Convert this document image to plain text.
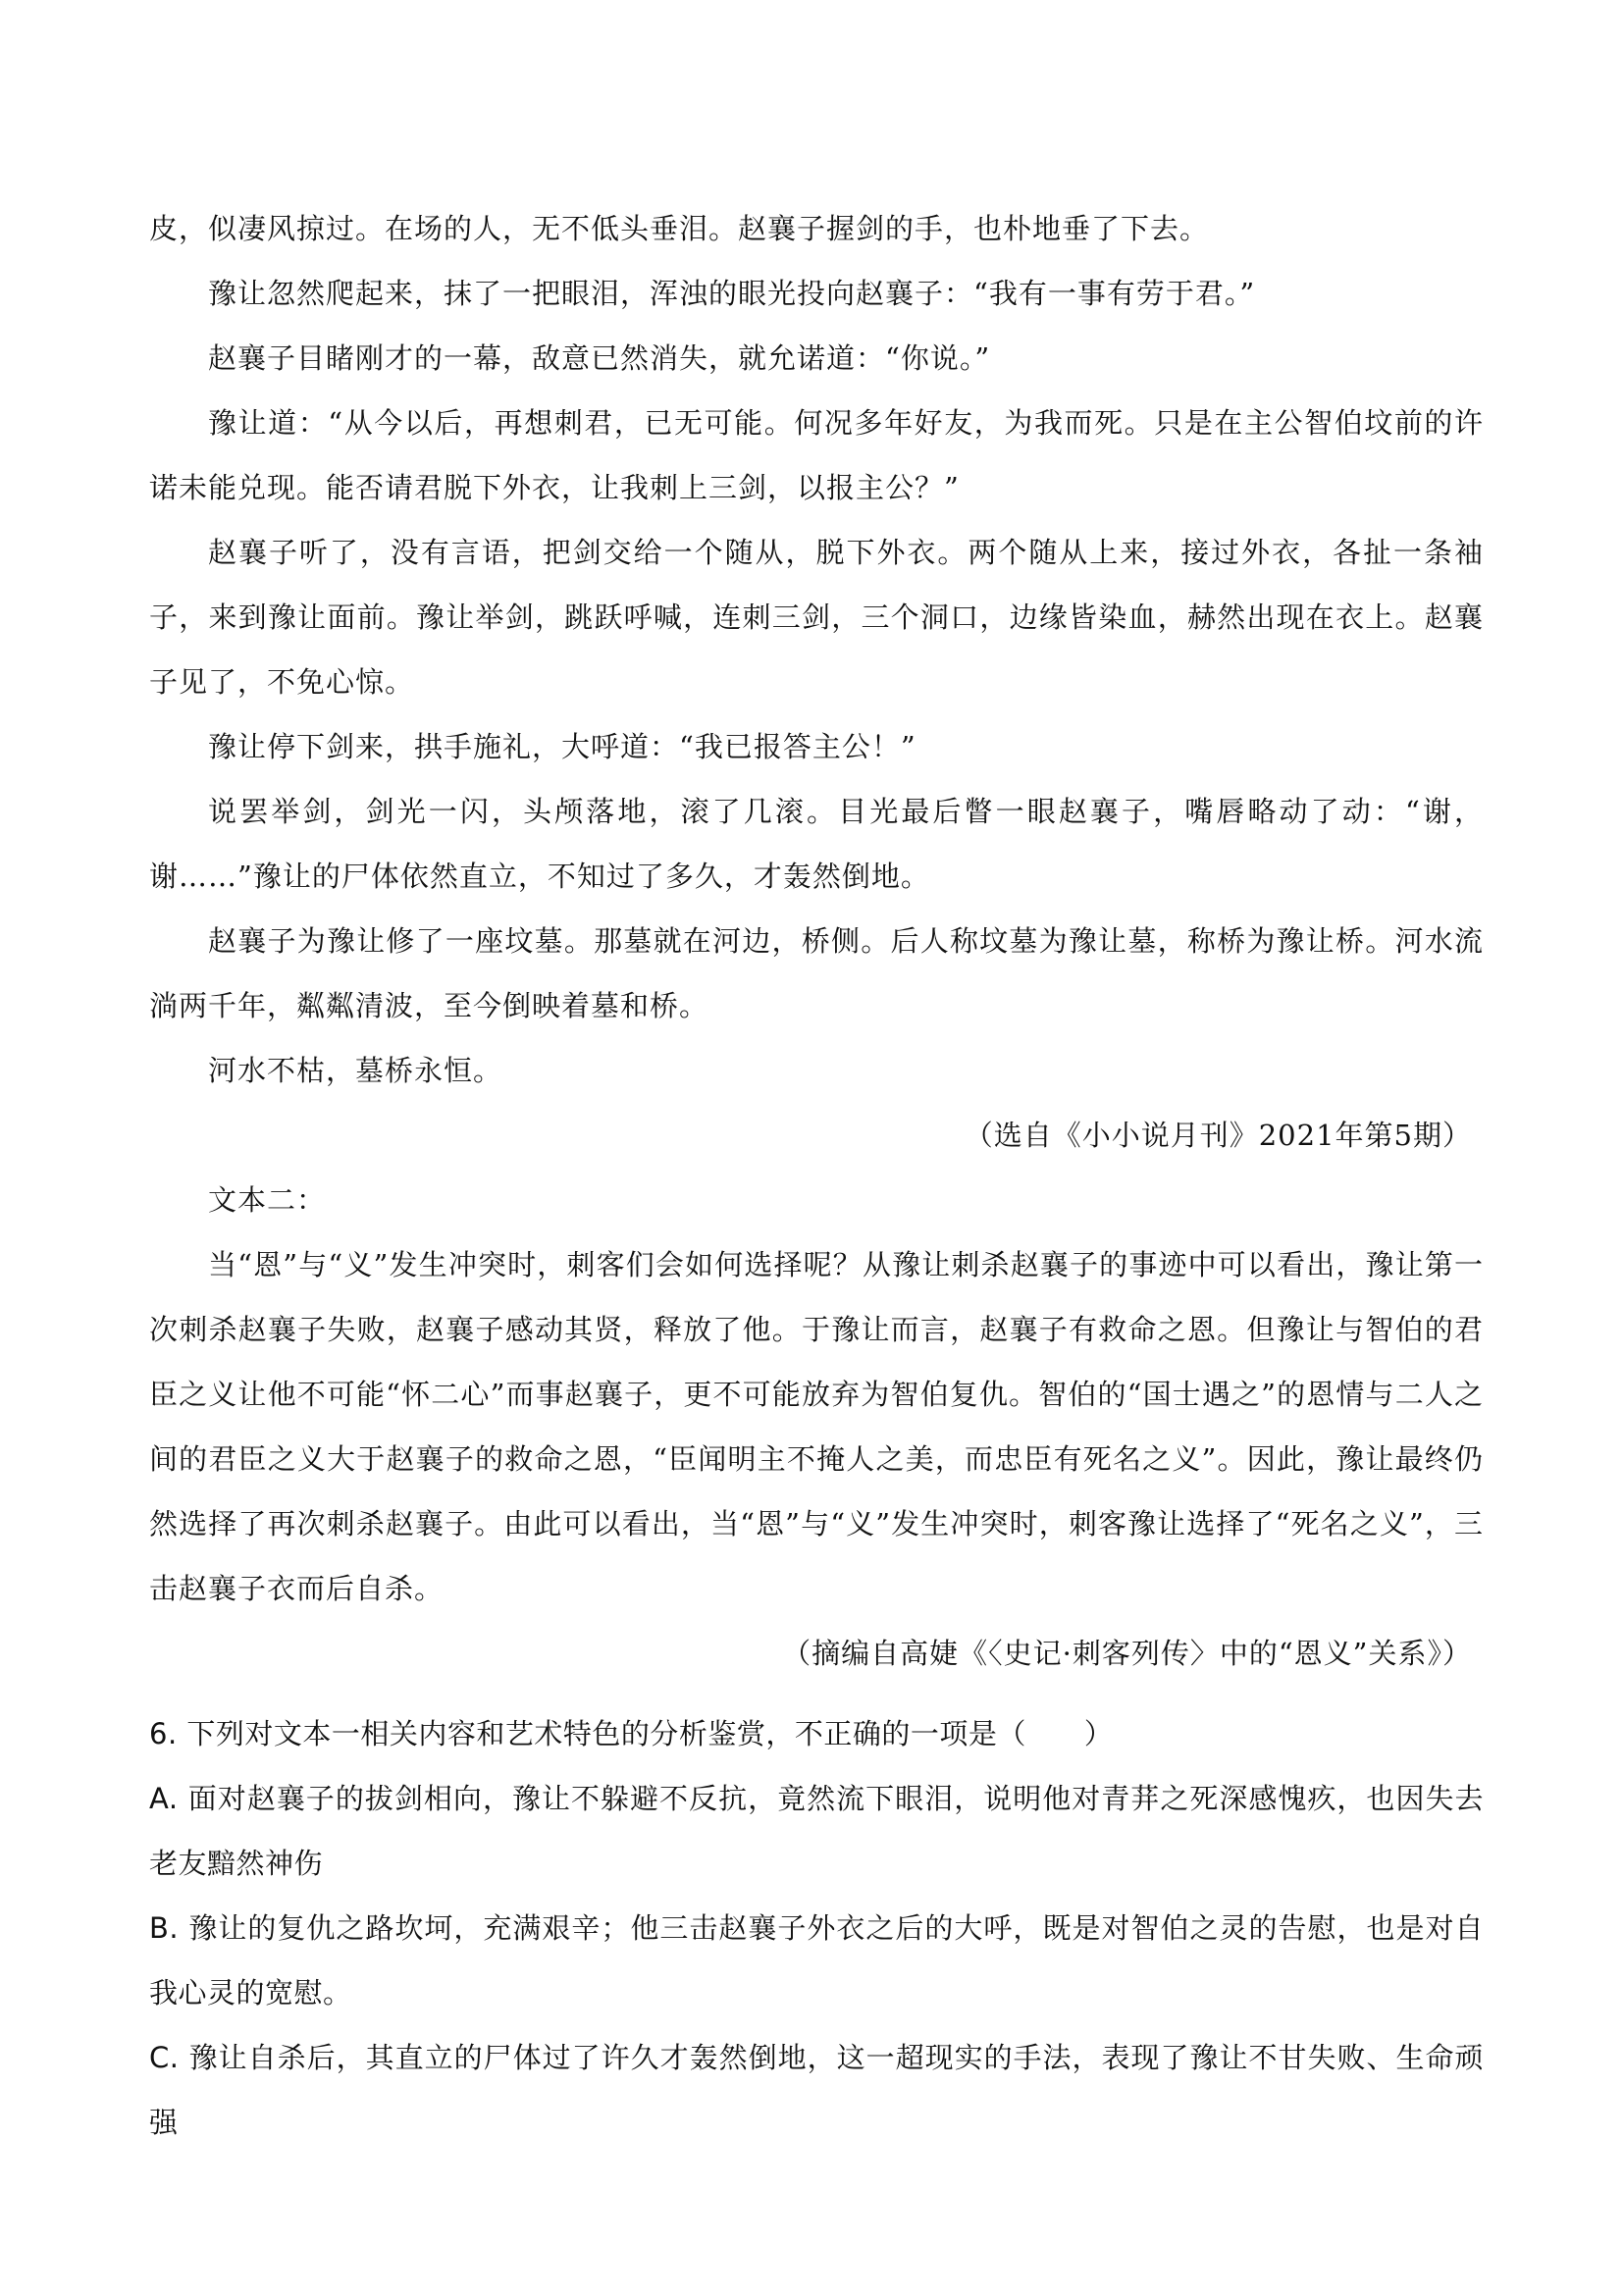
皮，似凄风掠过。在场的人，无不低头垂泪。赵襄子握剑的手，也朴地垂了下去。

豫让忽然爬起来，抹了一把眼泪，浑浊的眼光投向赵襄子：“我有一事有劳于君。”

赵襄子目睹刚才的一幕，敌意已然消失，就允诺道：“你说。”

豫让道：“从今以后，再想刺君，已无可能。何况多年好友，为我而死。只是在主公智伯坟前的许诺未能兑现。能否请君脱下外衣，让我刺上三剑，以报主公？”

赵襄子听了，没有言语，把剑交给一个随从，脱下外衣。两个随从上来，接过外衣，各扯一条袖子，来到豫让面前。豫让举剑，跳跃呼喊，连刺三剑，三个洞口，边缘皆染血，赫然出现在衣上。赵襄子见了，不免心惊。

豫让停下剑来，拱手施礼，大呼道：“我已报答主公！”

说罢举剑，剑光一闪，头颅落地，滚了几滚。目光最后瞥一眼赵襄子，嘴唇略动了动：“谢，谢……”豫让的尸体依然直立，不知过了多久，才轰然倒地。

赵襄子为豫让修了一座坟墓。那墓就在河边，桥侧。后人称坟墓为豫让墓，称桥为豫让桥。河水流淌两千年，粼粼清波，至今倒映着墓和桥。

河水不枯，墓桥永恒。

（选自《小小说月刊》2021年第5期）

文本二：

当“恩”与“义”发生冲突时，刺客们会如何选择呢？从豫让刺杀赵襄子的事迹中可以看出，豫让第一次刺杀赵襄子失败，赵襄子感动其贤，释放了他。于豫让而言，赵襄子有救命之恩。但豫让与智伯的君臣之义让他不可能“怀二心”而事赵襄子，更不可能放弃为智伯复仇。智伯的“国士遇之”的恩情与二人之间的君臣之义大于赵襄子的救命之恩，“臣闻明主不掩人之美，而忠臣有死名之义”。因此，豫让最终仍然选择了再次刺杀赵襄子。由此可以看出，当“恩”与“义”发生冲突时，刺客豫让选择了“死名之义”，三击赵襄子衣而后自杀。

（摘编自高婕《〈史记·刺客列传〉中的“恩义”关系》）

6. 下列对文本一相关内容和艺术特色的分析鉴赏，不正确的一项是（　　）

A. 面对赵襄子的拔剑相向，豫让不躲避不反抗，竟然流下眼泪，说明他对青荓之死深感愧疚，也因失去老友黯然神伤

B. 豫让的复仇之路坎坷，充满艰辛；他三击赵襄子外衣之后的大呼，既是对智伯之灵的告慰，也是对自我心灵的宽慰。

C. 豫让自杀后，其直立的尸体过了许久才轰然倒地，这一超现实的手法，表现了豫让不甘失败、生命顽强
